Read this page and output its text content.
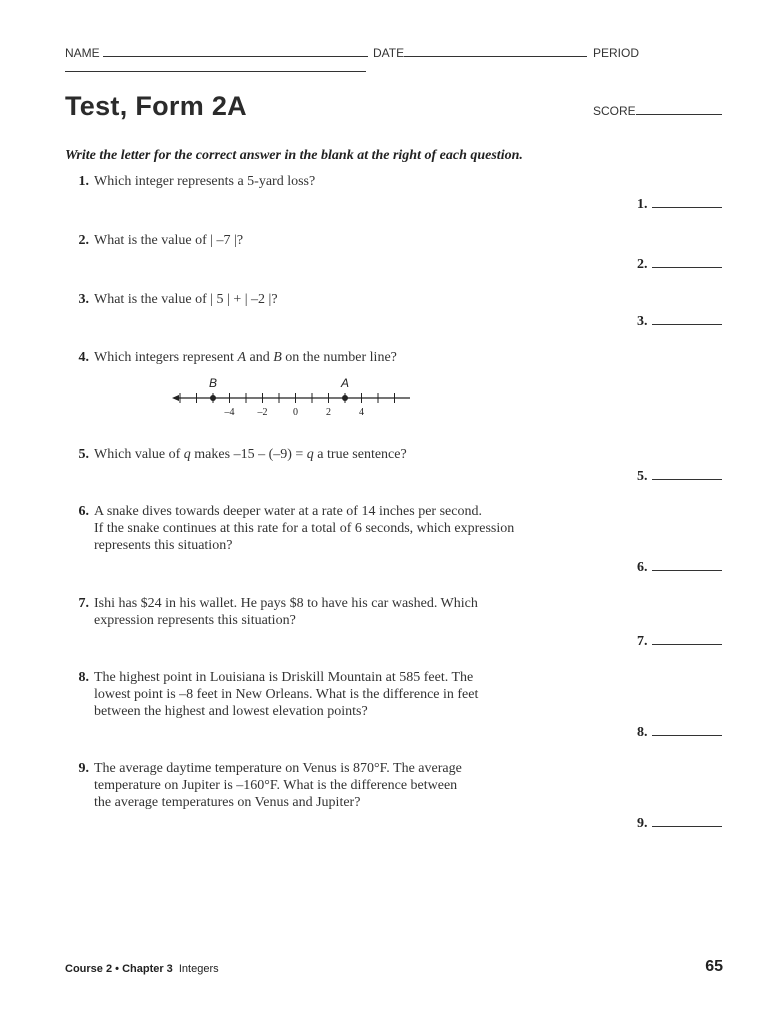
NAME	DATE	PERIOD
Test, Form 2A	SCORE
Write the letter for the correct answer in the blank at the right of each question.
1. Which integer represents a 5-yard loss?
1.
2. What is the value of | –7 |?
2.
3. What is the value of | 5 | + | –2 |?
3.
4. Which integers represent A and B on the number line?
–4 –2	0	2	4
B	A
5. Which value of q makes –15 – (–9) = q a true sentence?
5.
6. A snake dives towards deeper water at a rate of 14 inches per second.
If the snake continues at this rate for a total of 6 seconds, which expression
represents this situation?
6.
7. Ishi has $24 in his wallet. He pays $8 to have his car washed. Which
expression represents this situation?
7.
8. The highest point in Louisiana is Driskill Mountain at 585 feet. The
lowest point is –8 feet in New Orleans. What is the difference in feet
between the highest and lowest elevation points?
8.
9. The average daytime temperature on Venus is 870°F. The average
temperature on Jupiter is –160°F. What is the difference between
the average temperatures on Venus and Jupiter?
9.
Course 2 • Chapter 3 Integers	65
